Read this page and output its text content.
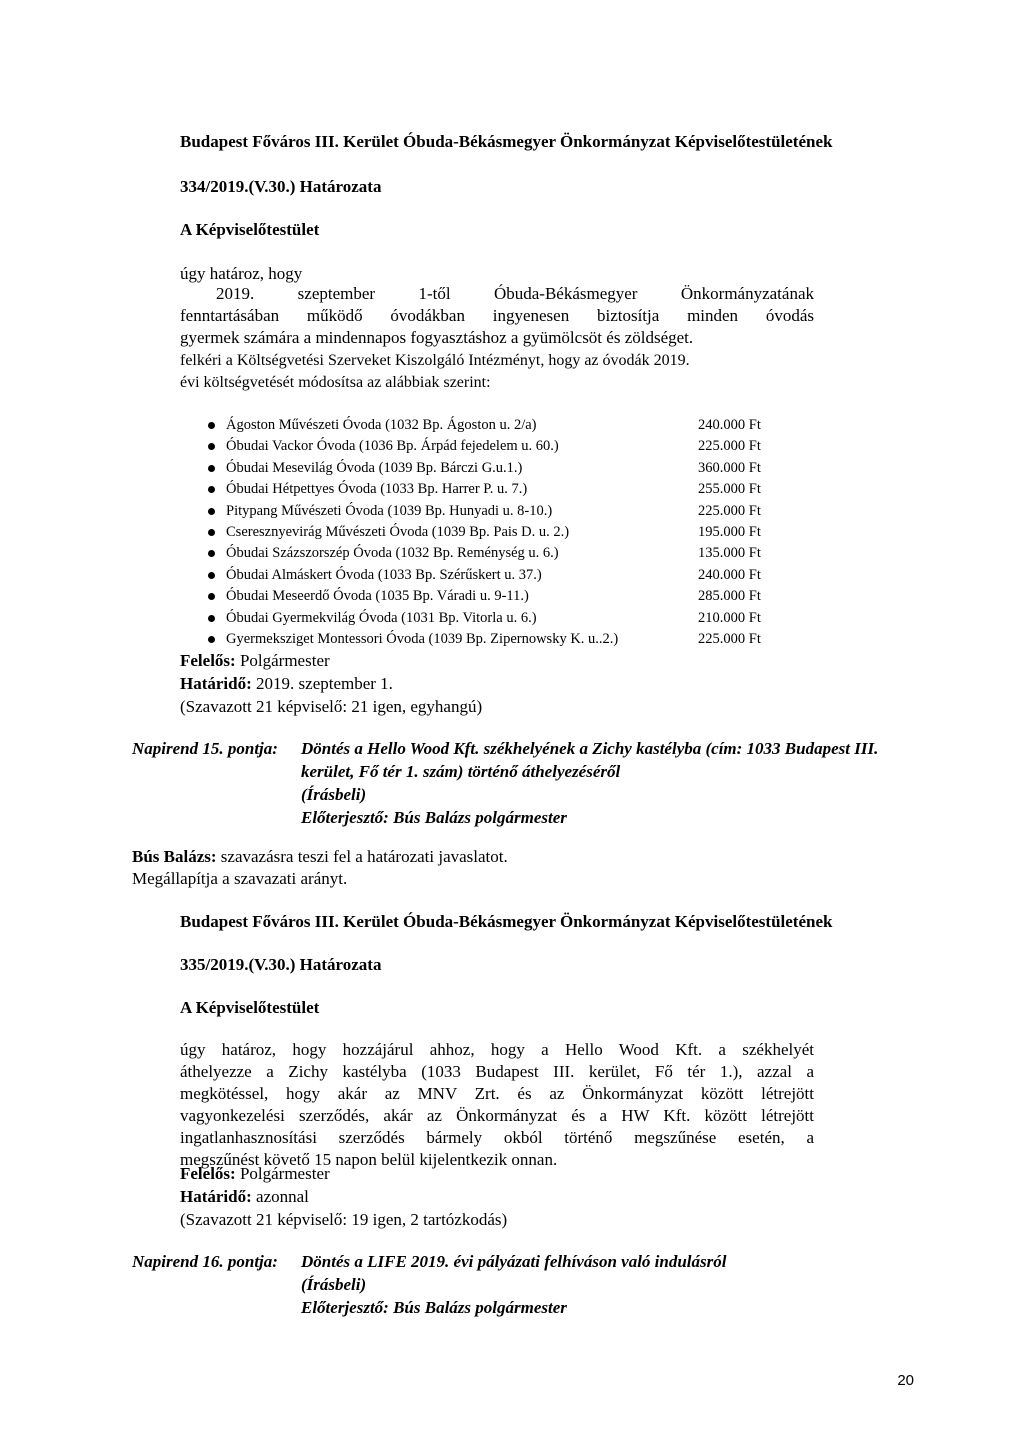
Budapest Főváros III. Kerület Óbuda-Békásmegyer Önkormányzat Képviselőtestületének
334/2019.(V.30.) Határozata
A Képviselőtestület
úgy határoz, hogy
2019. szeptember 1-től Óbuda-Békásmegyer Önkormányzatának
fenntartásában működő óvodákban ingyenesen biztosítja minden óvodás
gyermek számára a mindennapos fogyasztáshoz a gyümölcsöt és zöldséget.
felkéri a Költségvetési Szerveket Kiszolgáló Intézményt, hogy az óvodák 2019.
évi költségvetését módosítsa az alábbiak szerint:
Ágoston Művészeti Óvoda (1032 Bp. Ágoston u. 2/a)	240.000 Ft
Óbudai Vackor Óvoda (1036 Bp. Árpád fejedelem u. 60.)	225.000 Ft
Óbudai Mesevilág Óvoda (1039 Bp. Bárczi G.u.1.)	360.000 Ft
Óbudai Hétpettyes Óvoda (1033 Bp. Harrer P. u. 7.)	255.000 Ft
Pitypang Művészeti Óvoda (1039 Bp. Hunyadi u. 8-10.)	225.000 Ft
Cseresznyevirág Művészeti Óvoda (1039 Bp. Pais D. u. 2.)	195.000 Ft
Óbudai Százszorszép Óvoda (1032 Bp. Reménység u. 6.)	135.000 Ft
Óbudai Almáskert Óvoda (1033 Bp. Szérűskert u. 37.)	240.000 Ft
Óbudai Meseerdő Óvoda (1035 Bp. Váradi u. 9-11.)	285.000 Ft
Óbudai Gyermekvilág Óvoda (1031 Bp. Vitorla u. 6.)	210.000 Ft
Gyermeksziget Montessori Óvoda (1039 Bp. Zipernowsky K. u..2.)	225.000 Ft
Felelős: Polgármester
Határidő: 2019. szeptember 1.
(Szavazott 21 képviselő: 21 igen, egyhangú)
Napirend 15. pontja: Döntés a Hello Wood Kft. székhelyének a Zichy kastélyba (cím: 1033 Budapest III.
kerület, Fő tér 1. szám) történő áthelyezéséről
(Írásbeli)
Előterjesztő: Bús Balázs polgármester
Bús Balázs: szavazásra teszi fel a határozati javaslatot.
Megállapítja a szavazati arányt.
Budapest Főváros III. Kerület Óbuda-Békásmegyer Önkormányzat Képviselőtestületének
335/2019.(V.30.) Határozata
A Képviselőtestület
úgy határoz, hogy hozzájárul ahhoz, hogy a Hello Wood Kft. a székhelyét
áthelyezze a Zichy kastélyba (1033 Budapest III. kerület, Fő tér 1.), azzal a
megkötéssel, hogy akár az MNV Zrt. és az Önkormányzat között létrejött
vagyonkezelési szerződés, akár az Önkormányzat és a HW Kft. között létrejött
ingatlanhasznosítási szerződés bármely okból történő megszűnése esetén, a
megszűnést követő 15 napon belül kijelentkezik onnan.
Felelős: Polgármester
Határidő: azonnal
(Szavazott 21 képviselő: 19 igen, 2 tartózkodás)
Napirend 16. pontja: Döntés a LIFE 2019. évi pályázati felhíváson való indulásról
(Írásbeli)
Előterjesztő: Bús Balázs polgármester
20
